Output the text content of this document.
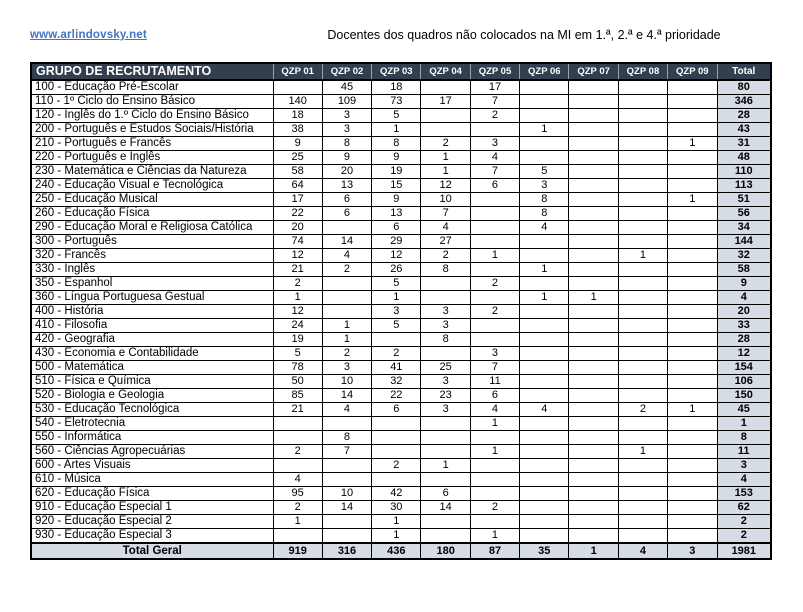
www.arlindovsky.net	Docentes dos quadros não colocados na MI em 1.ª, 2.ª e 4.ª prioridade
GRUPO DE RECRUTAMENTO	QZP 01	QZP 02	QZP 03	QZP 04	QZP 05	QZP 06	QZP 07	QZP 08	QZP 09	Total
100 - Educação Pré-Escolar		45	18		17					80
110 - 1º Ciclo do Ensino Básico	140	109	73	17	7					346
120 - Inglês do 1.º Ciclo do Ensino Básico	18	3	5		2					28
200 - Português e Estudos Sociais/História	38	3	1			1				43
210 - Português e Francês	9	8	8	2	3				1	31
220 - Português e Inglês	25	9	9	1	4					48
230 - Matemática e Ciências da Natureza	58	20	19	1	7	5				110
240 - Educação Visual e Tecnológica	64	13	15	12	6	3				113
250 - Educação Musical	17	6	9	10		8			1	51
260 - Educação Física	22	6	13	7		8				56
290 - Educação Moral e Religiosa Católica	20		6	4		4				34
300 - Português	74	14	29	27						144
320 - Francês	12	4	12	2	1			1		32
330 - Inglês	21	2	26	8		1				58
350 - Espanhol	2		5		2					9
360 - Língua Portuguesa Gestual	1		1			1	1			4
400 - História	12		3	3	2					20
410 - Filosofia	24	1	5	3						33
420 - Geografia	19	1		8						28
430 - Economia e Contabilidade	5	2	2		3					12
500 - Matemática	78	3	41	25	7					154
510 - Física e Química	50	10	32	3	11					106
520 - Biologia e Geologia	85	14	22	23	6					150
530 - Educação Tecnológica	21	4	6	3	4	4		2	1	45
540 - Eletrotecnia					1					1
550 - Informática		8								8
560 - Ciências Agropecuárias	2	7			1			1		11
600 - Artes Visuais			2	1						3
610 - Música	4									4
620 - Educação Física	95	10	42	6						153
910 - Educação Especial 1	2	14	30	14	2					62
920 - Educação Especial 2	1		1							2
930 - Educação Especial 3			1		1					2
Total Geral	919	316	436	180	87	35	1	4	3	1981
